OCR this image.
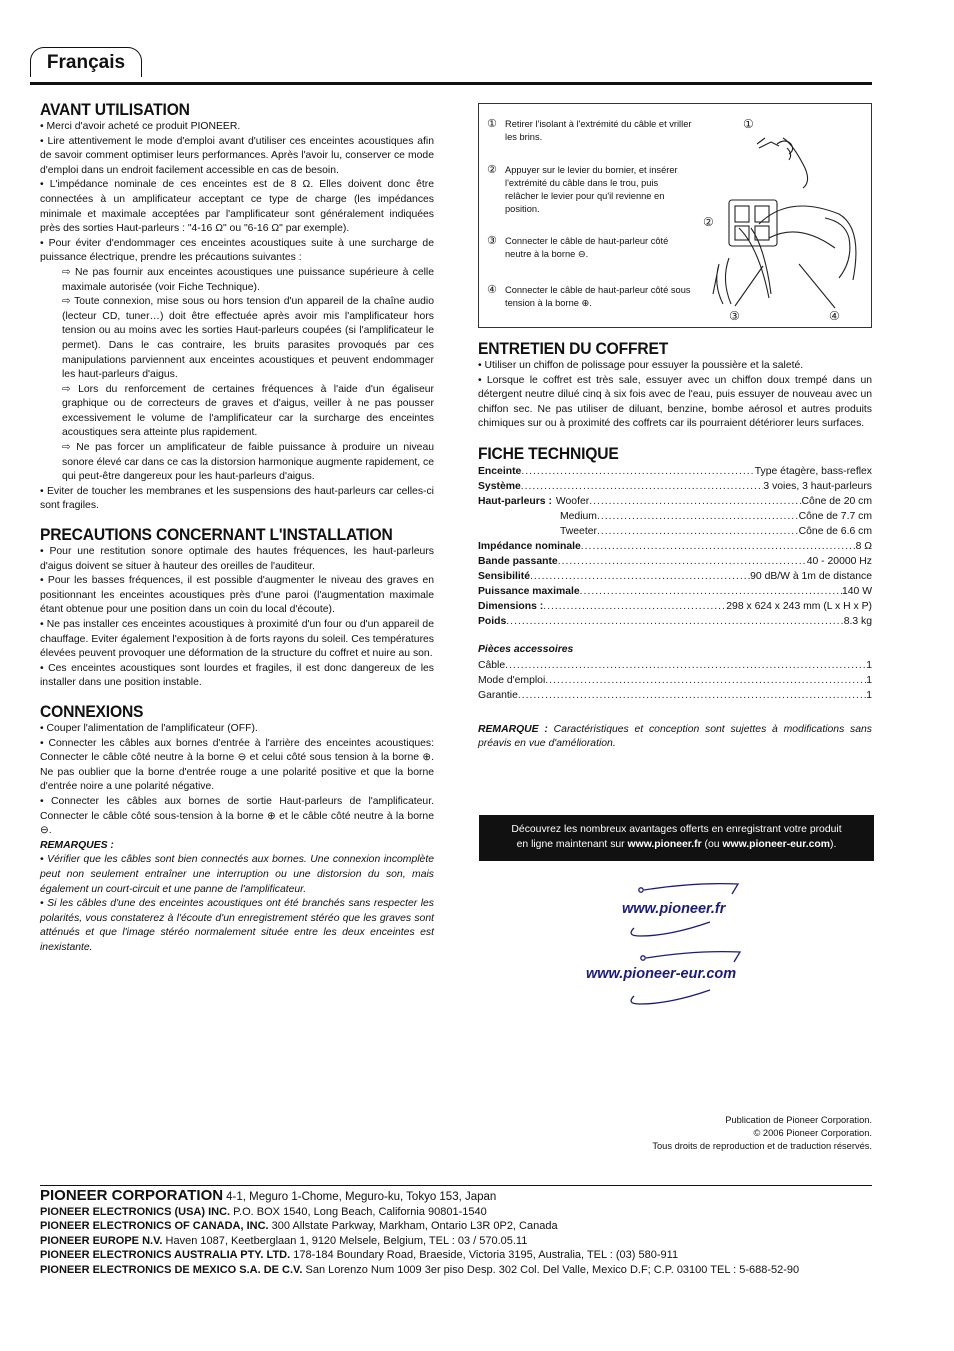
Français
AVANT UTILISATION

• Merci d'avoir acheté ce produit PIONEER.

• Lire attentivement le mode d'emploi avant d'utiliser ces enceintes acoustiques afin de savoir comment optimiser leurs performances. Après l'avoir lu, conserver ce mode d'emploi dans un endroit facilement accessible en cas de besoin.

• L'impédance nominale de ces enceintes est de 8 Ω. Elles doivent donc être connectées à un amplificateur acceptant ce type de charge (les impédances minimale et maximale acceptées par l'amplificateur sont généralement indiquées près des sorties Haut-parleurs : "4-16 Ω" ou "6-16 Ω" par exemple).

• Pour éviter d'endommager ces enceintes acoustiques suite à une surcharge de puissance électrique, prendre les précautions suivantes :

⇨ Ne pas fournir aux enceintes acoustiques une puissance supérieure à celle maximale autorisée (voir Fiche Technique).

⇨ Toute connexion, mise sous ou hors tension d'un appareil de la chaîne audio (lecteur CD, tuner…) doit être effectuée après avoir mis l'amplificateur hors tension ou au moins avec les sorties Haut-parleurs coupées (si l'amplificateur le permet). Dans le cas contraire, les bruits parasites provoqués par ces manipulations parviennent aux enceintes acoustiques et peuvent endommager les haut-parleurs d'aigus.

⇨ Lors du renforcement de certaines fréquences à l'aide d'un égaliseur graphique ou de correcteurs de graves et d'aigus, veiller à ne pas pousser excessivement le volume de l'amplificateur car la surcharge des enceintes acoustiques sera atteinte plus rapidement.

⇨ Ne pas forcer un amplificateur de faible puissance à produire un niveau sonore élevé car dans ce cas la distorsion harmonique augmente rapidement, ce qui peut-être dangereux pour les haut-parleurs d'aigus.

• Eviter de toucher les membranes et les suspensions des haut-parleurs car celles-ci sont fragiles.

PRECAUTIONS CONCERNANT L'INSTALLATION

• Pour une restitution sonore optimale des hautes fréquences, les haut-parleurs d'aigus doivent se situer à hauteur des oreilles de l'auditeur.

• Pour les basses fréquences, il est possible d'augmenter le niveau des graves en positionnant les enceintes acoustiques près d'une paroi (l'augmentation maximale étant obtenue pour une position dans un coin du local d'écoute).

• Ne pas installer ces enceintes acoustiques à proximité d'un four ou d'un appareil de chauffage. Eviter également l'exposition à de forts rayons du soleil. Ces températures élevées peuvent provoquer une déformation de la structure du coffret et nuire au son.

• Ces enceintes acoustiques sont lourdes et fragiles, il est donc dangereux de les installer dans une position instable.

CONNEXIONS

• Couper l'alimentation de l'amplificateur (OFF).

• Connecter les câbles aux bornes d'entrée à l'arrière des enceintes acoustiques: Connecter le câble côté neutre à la borne ⊖ et celui côté sous tension à la borne ⊕. Ne pas oublier que la borne d'entrée rouge a une polarité positive et que la borne d'entrée noire a une polarité négative.

• Connecter les câbles aux bornes de sortie Haut-parleurs de l'amplificateur. Connecter le câble côté sous-tension à la borne ⊕ et le câble côté neutre à la borne ⊖.

REMARQUES :

• Vérifier que les câbles sont bien connectés aux bornes. Une connexion incomplète peut non seulement entraîner une interruption ou une distorsion du son, mais également un court-circuit et une panne de l'amplificateur.

• Si les câbles d'une des enceintes acoustiques ont été branchés sans respecter les polarités, vous constaterez à l'écoute d'un enregistrement stéréo que les graves sont atténués et que l'image stéréo normalement située entre les deux enceintes est inexistante.

① Retirer l'isolant à l'extrémité du câble et vriller les brins.
② Appuyer sur le levier du bornier, et insérer l'extrémité du câble dans le trou, puis relâcher le levier pour qu'il revienne en position.
③ Connecter le câble de haut-parleur côté neutre à la borne ⊖.
④ Connecter le câble de haut-parleur côté sous tension à la borne ⊕.
①
②
③	④
ENTRETIEN DU COFFRET

• Utiliser un chiffon de polissage pour essuyer la poussière et la saleté.

• Lorsque le coffret est très sale, essuyer avec un chiffon doux trempé dans un détergent neutre dilué cinq à six fois avec de l'eau, puis essuyer de nouveau avec un chiffon sec. Ne pas utiliser de diluant, benzine, bombe aérosol et autres produits chimiques sur ou à proximité des coffrets car ils pourraient détériorer leurs surfaces.

FICHE TECHNIQUE
Enceinte .....	Type étagère, bass-reflex
Système .....	3 voies, 3 haut-parleurs
Haut-parleurs : Woofer .....	Cône de 20 cm
Medium .....	Cône de 7.7 cm
Tweeter .....	Cône de 6.6 cm
Impédance nominale .....	8 Ω
Bande passante .....	40 - 20000 Hz
Sensibilité .....	90 dB/W à 1m de distance
Puissance maximale .....	140 W
Dimensions : .....	298 x 624 x 243 mm (L x H x P)
Poids .....	8.3 kg

Pièces accessoires

Câble .....	1
Mode d'emploi .....	1
Garantie .....	1

REMARQUE : Caractéristiques et conception sont sujettes à modifications sans préavis en vue d'amélioration.

Découvrez les nombreux avantages offerts en enregistrant votre produit
en ligne maintenant sur www.pioneer.fr (ou www.pioneer-eur.com).
www.pioneer.fr
www.pioneer-eur.com
Publication de Pioneer Corporation.
© 2006 Pioneer Corporation.
Tous droits de reproduction et de traduction réservés.
PIONEER CORPORATION 4-1, Meguro 1-Chome, Meguro-ku, Tokyo 153, Japan
PIONEER ELECTRONICS (USA) INC. P.O. BOX 1540, Long Beach, California 90801-1540
PIONEER ELECTRONICS OF CANADA, INC. 300 Allstate Parkway, Markham, Ontario L3R 0P2, Canada
PIONEER EUROPE N.V. Haven 1087, Keetberglaan 1, 9120 Melsele, Belgium, TEL : 03 / 570.05.11
PIONEER ELECTRONICS AUSTRALIA PTY. LTD. 178-184 Boundary Road, Braeside, Victoria 3195, Australia, TEL : (03) 580-911
PIONEER ELECTRONICS DE MEXICO S.A. DE C.V. San Lorenzo Num 1009 3er piso Desp. 302 Col. Del Valle, Mexico D.F; C.P. 03100 TEL : 5-688-52-90
